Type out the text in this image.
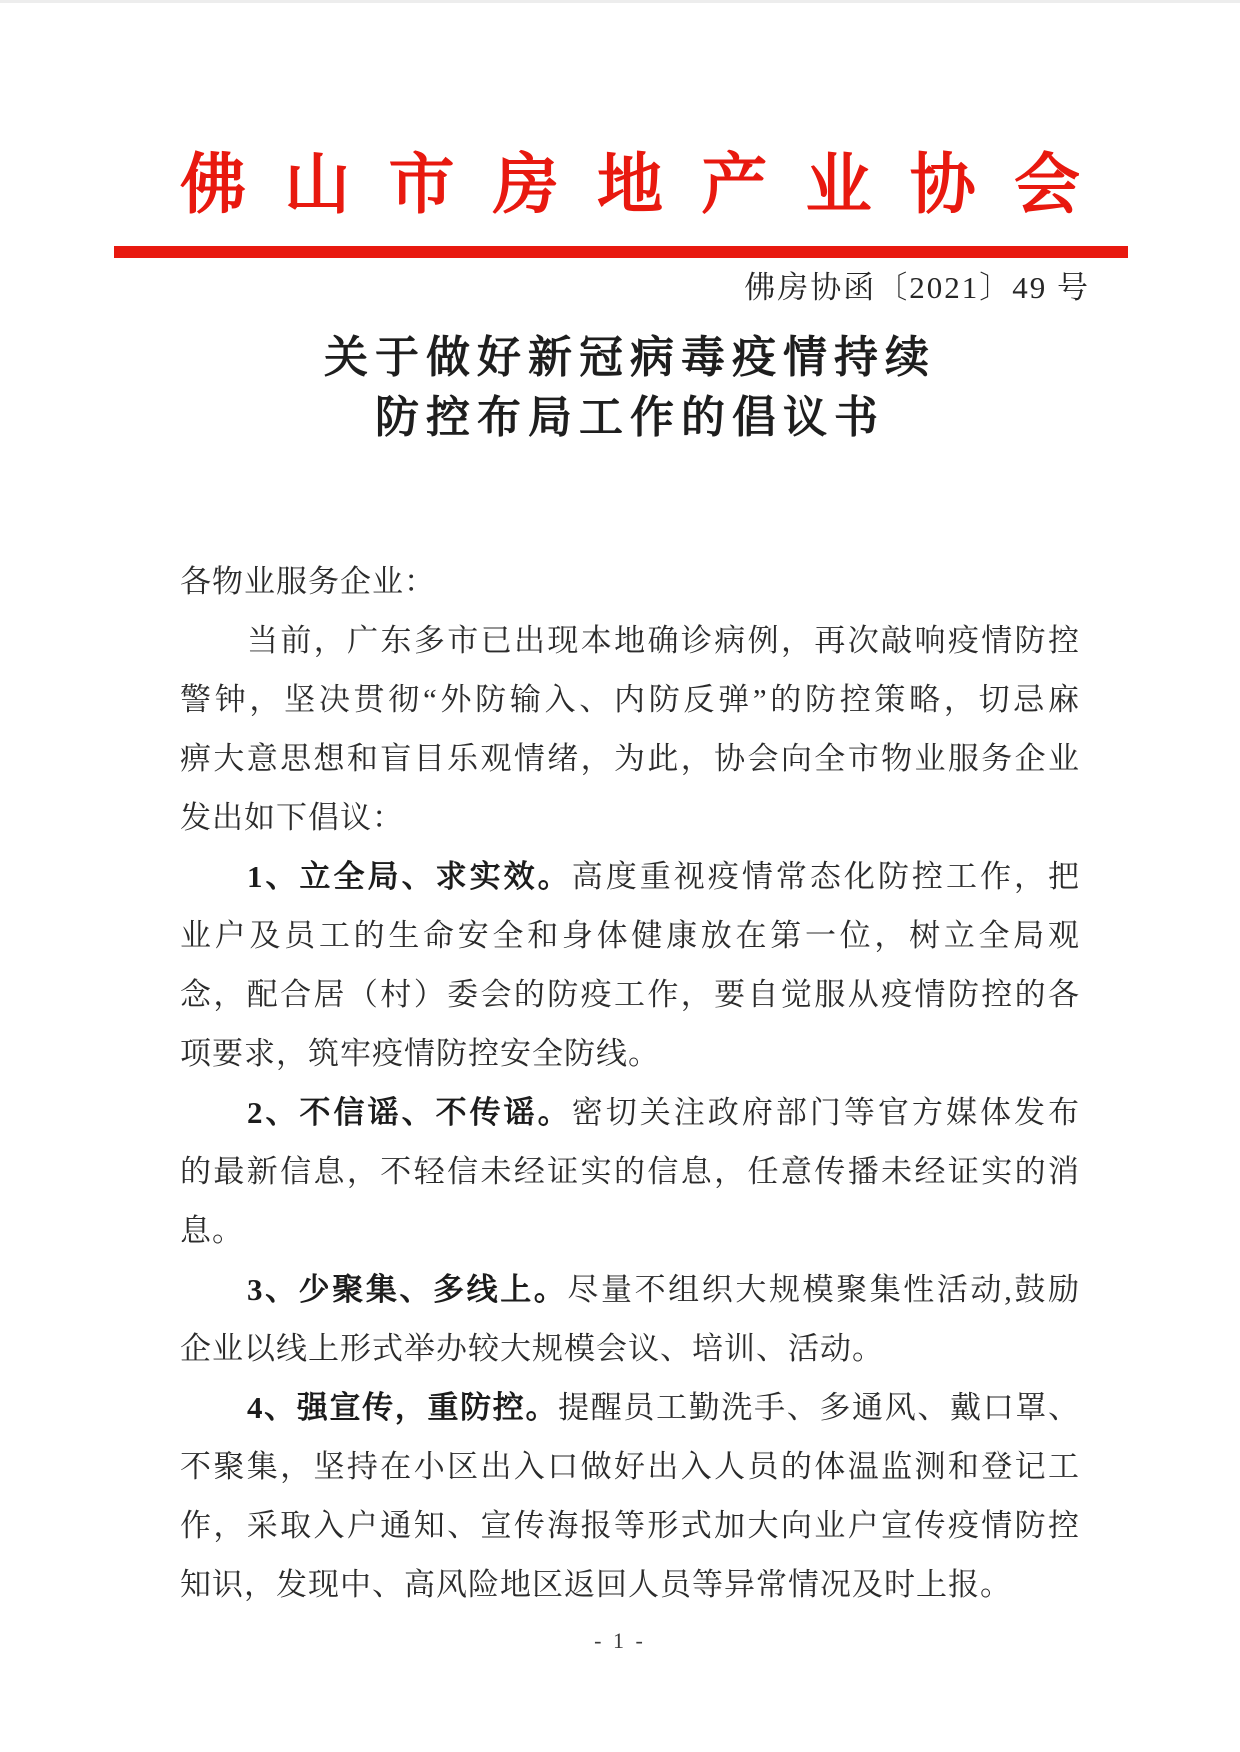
佛山市房地产业协会
佛房协函〔2021〕49 号
关于做好新冠病毒疫情持续
防控布局工作的倡议书
各物业服务企业：
当前，广东多市已出现本地确诊病例，再次敲响疫情防控
警钟，坚决贯彻“外防输入、内防反弹”的防控策略，切忌麻
痹大意思想和盲目乐观情绪，为此，协会向全市物业服务企业
发出如下倡议：
1、立全局、求实效。高度重视疫情常态化防控工作，把
业户及员工的生命安全和身体健康放在第一位，树立全局观
念，配合居（村）委会的防疫工作，要自觉服从疫情防控的各
项要求，筑牢疫情防控安全防线。
2、不信谣、不传谣。密切关注政府部门等官方媒体发布
的最新信息，不轻信未经证实的信息，任意传播未经证实的消
息。
3、少聚集、多线上。尽量不组织大规模聚集性活动,鼓励
企业以线上形式举办较大规模会议、培训、活动。
4、强宣传，重防控。提醒员工勤洗手、多通风、戴口罩、
不聚集，坚持在小区出入口做好出入人员的体温监测和登记工
作，采取入户通知、宣传海报等形式加大向业户宣传疫情防控
知识，发现中、高风险地区返回人员等异常情况及时上报。
- 1 -
